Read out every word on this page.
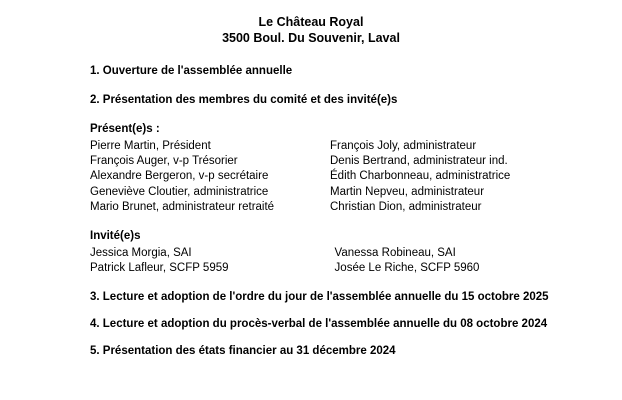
Le Château Royal
3500 Boul. Du Souvenir, Laval
1. Ouverture de l'assemblée annuelle
2. Présentation des membres du comité et des invité(e)s
Présent(e)s :
Pierre Martin, Président
François Auger, v-p Trésorier
Alexandre Bergeron, v-p secrétaire
Geneviève Cloutier, administratrice
Mario Brunet, administrateur retraité
François Joly, administrateur
Denis Bertrand, administrateur ind.
Édith Charbonneau, administratrice
Martin Nepveu, administrateur
Christian Dion, administrateur
Invité(e)s
Jessica Morgia, SAI
Patrick Lafleur, SCFP 5959
Vanessa Robineau, SAI
Josée Le Riche, SCFP 5960
3. Lecture et adoption de l'ordre du jour de l'assemblée annuelle du 15 octobre 2025
4. Lecture et adoption du procès-verbal de l'assemblée annuelle du 08 octobre 2024
5. Présentation des états financier au 31 décembre 2024
